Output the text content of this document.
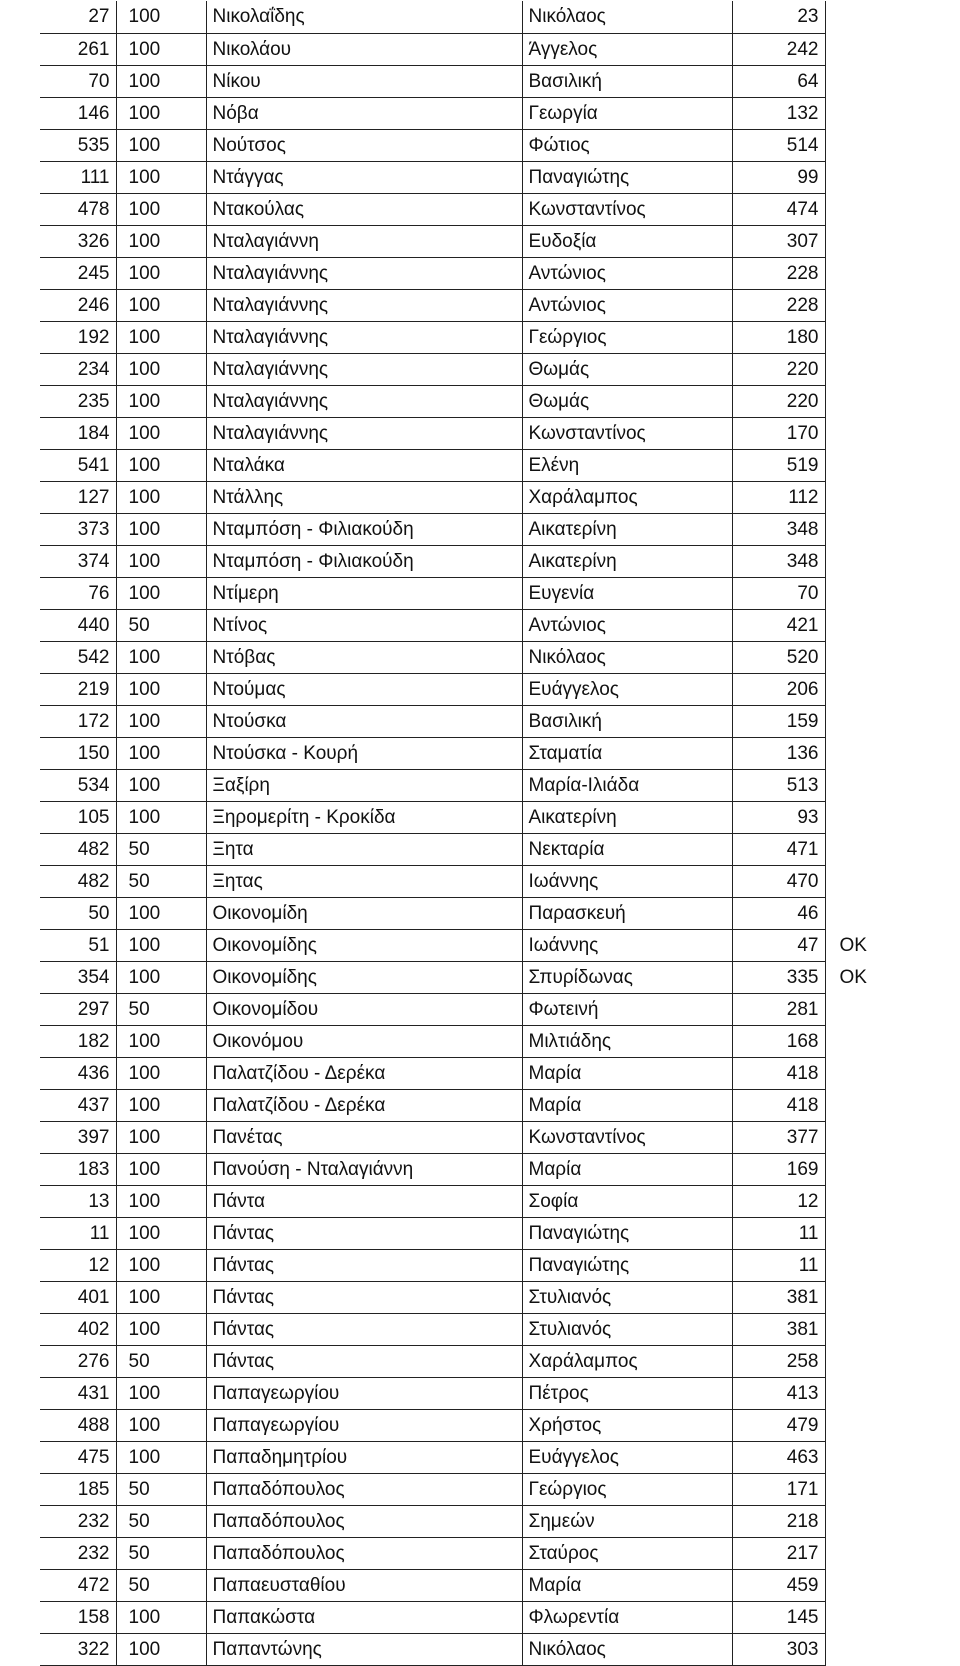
27	100	Νικολαΐδης	Νικόλαος	23	
261	100	Νικολάου	Άγγελος	242	
70	100	Νίκου	Βασιλική	64	
146	100	Νόβα	Γεωργία	132	
535	100	Νούτσος	Φώτιος	514	
111	100	Ντάγγας	Παναγιώτης	99	
478	100	Ντακούλας	Κωνσταντίνος	474	
326	100	Νταλαγιάννη	Ευδοξία	307	
245	100	Νταλαγιάννης	Αντώνιος	228	
246	100	Νταλαγιάννης	Αντώνιος	228	
192	100	Νταλαγιάννης	Γεώργιος	180	
234	100	Νταλαγιάννης	Θωμάς	220	
235	100	Νταλαγιάννης	Θωμάς	220	
184	100	Νταλαγιάννης	Κωνσταντίνος	170	
541	100	Νταλάκα	Ελένη	519	
127	100	Ντάλλης	Χαράλαμπος	112	
373	100	Νταμπόση - Φιλιακούδη	Αικατερίνη	348	
374	100	Νταμπόση - Φιλιακούδη	Αικατερίνη	348	
76	100	Ντίμερη	Ευγενία	70	
440	50	Ντίνος	Αντώνιος	421	
542	100	Ντόβας	Νικόλαος	520	
219	100	Ντούμας	Ευάγγελος	206	
172	100	Ντούσκα	Βασιλική	159	
150	100	Ντούσκα - Κουρή	Σταματία	136	
534	100	Ξαξίρη	Μαρία-Ιλιάδα	513	
105	100	Ξηρομερίτη - Κροκίδα	Αικατερίνη	93	
482	50	Ξητα	Νεκταρία	471	
482	50	Ξητας	Ιωάννης	470	
50	100	Οικονομίδη	Παρασκευή	46	
51	100	Οικονομίδης	Ιωάννης	47	OK
354	100	Οικονομίδης	Σπυρίδωνας	335	OK
297	50	Οικονομίδου	Φωτεινή	281	
182	100	Οικονόμου	Μιλτιάδης	168	
436	100	Παλατζίδου - Δερέκα	Μαρία	418	
437	100	Παλατζίδου - Δερέκα	Μαρία	418	
397	100	Πανέτας	Κωνσταντίνος	377	
183	100	Πανούση - Νταλαγιάννη	Μαρία	169	
13	100	Πάντα	Σοφία	12	
11	100	Πάντας	Παναγιώτης	11	
12	100	Πάντας	Παναγιώτης	11	
401	100	Πάντας	Στυλιανός	381	
402	100	Πάντας	Στυλιανός	381	
276	50	Πάντας	Χαράλαμπος	258	
431	100	Παπαγεωργίου	Πέτρος	413	
488	100	Παπαγεωργίου	Χρήστος	479	
475	100	Παπαδημητρίου	Ευάγγελος	463	
185	50	Παπαδόπουλος	Γεώργιος	171	
232	50	Παπαδόπουλος	Σημεών	218	
232	50	Παπαδόπουλος	Σταύρος	217	
472	50	Παπαευσταθίου	Μαρία	459	
158	100	Παπακώστα	Φλωρεντία	145	
322	100	Παπαντώνης	Νικόλαος	303	
